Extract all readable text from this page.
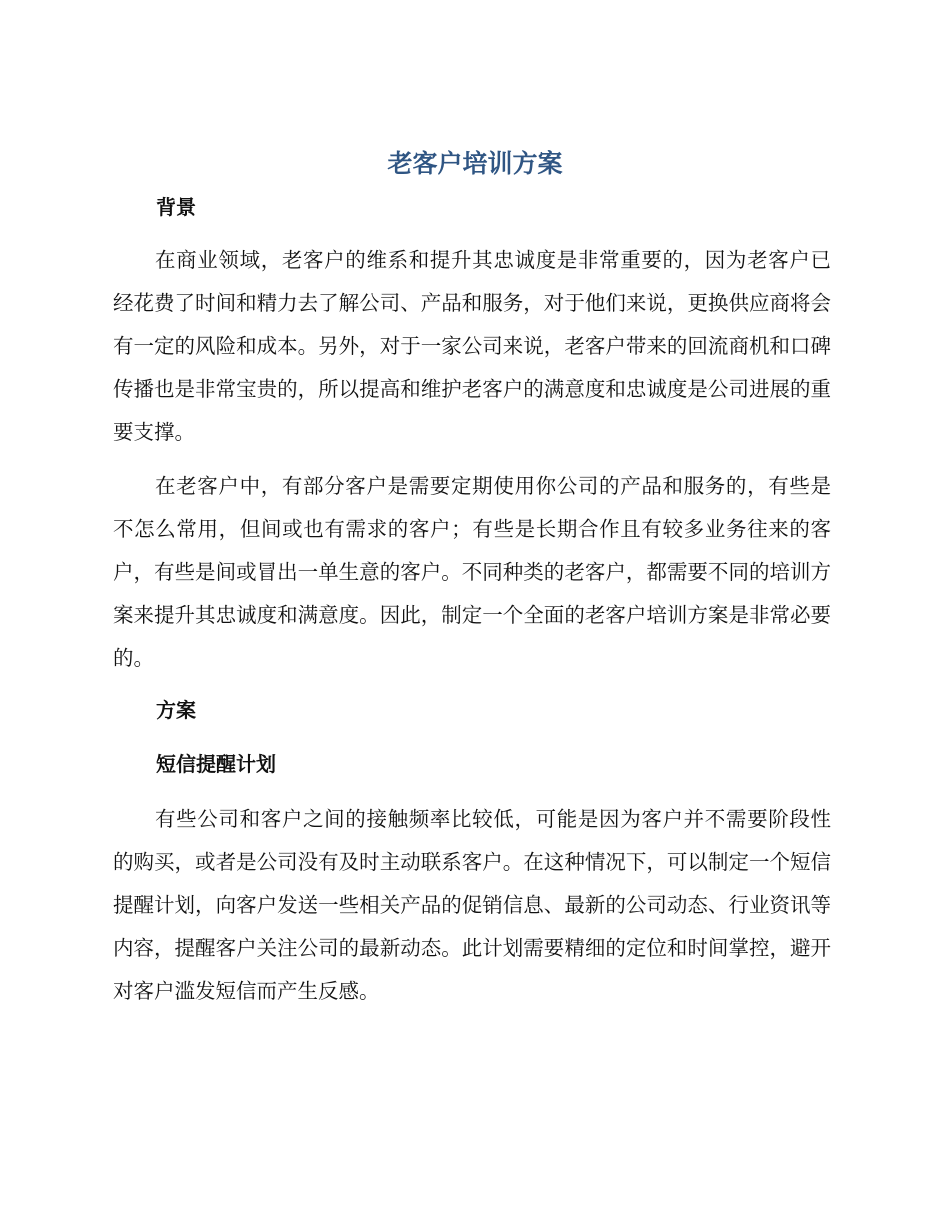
老客户培训方案
背景

在商业领域，老客户的维系和提升其忠诚度是非常重要的，因为老客户已经花费了时间和精力去了解公司、产品和服务，对于他们来说，更换供应商将会有一定的风险和成本。另外，对于一家公司来说，老客户带来的回流商机和口碑传播也是非常宝贵的，所以提高和维护老客户的满意度和忠诚度是公司进展的重要支撑。

在老客户中，有部分客户是需要定期使用你公司的产品和服务的，有些是不怎么常用，但间或也有需求的客户；有些是长期合作且有较多业务往来的客户，有些是间或冒出一单生意的客户。不同种类的老客户，都需要不同的培训方案来提升其忠诚度和满意度。因此，制定一个全面的老客户培训方案是非常必要的。

方案
短信提醒计划

有些公司和客户之间的接触频率比较低，可能是因为客户并不需要阶段性的购买，或者是公司没有及时主动联系客户。在这种情况下，可以制定一个短信提醒计划，向客户发送一些相关产品的促销信息、最新的公司动态、行业资讯等内容，提醒客户关注公司的最新动态。此计划需要精细的定位和时间掌控，避开对客户滥发短信而产生反感。
